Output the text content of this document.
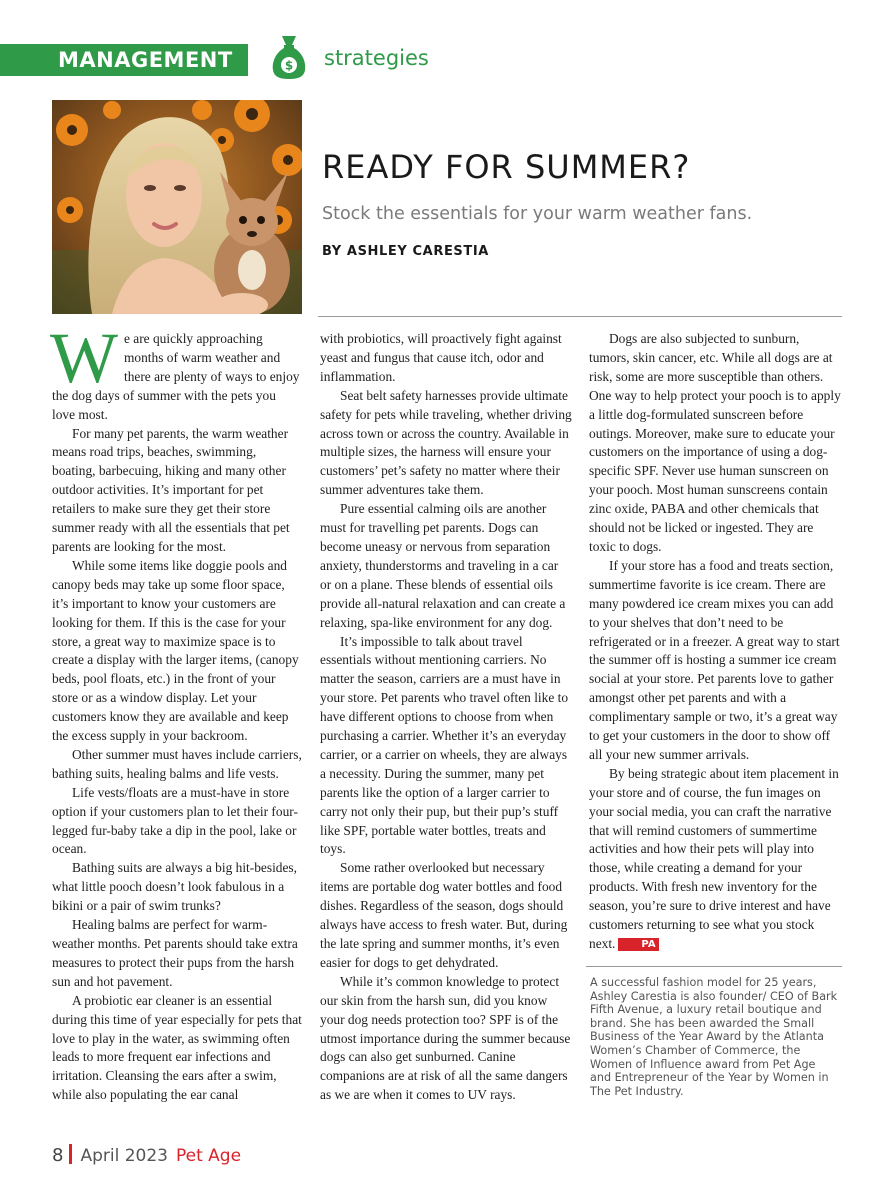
MANAGEMENT	$ strategies
READY FOR SUMMER?
Stock the essentials for your warm weather fans.
BY ASHLEY CARESTIA

We are quickly approaching months of warm weather and there are plenty of ways to enjoy the dog days of summer with the pets you love most.

For many pet parents, the warm weather means road trips, beaches, swimming, boating, barbecuing, hiking and many other outdoor activities. It’s important for pet retailers to make sure they get their store summer ready with all the essentials that pet parents are looking for the most.

While some items like doggie pools and canopy beds may take up some floor space, it’s important to know your customers are looking for them. If this is the case for your store, a great way to maximize space is to create a display with the larger items, (canopy beds, pool floats, etc.) in the front of your store or as a window display. Let your customers know they are available and keep the excess supply in your backroom.

Other summer must haves include carriers, bathing suits, healing balms and life vests.

Life vests/floats are a must-have in store option if your customers plan to let their four-legged fur-baby take a dip in the pool, lake or ocean.

Bathing suits are always a big hit-besides, what little pooch doesn’t look fabulous in a bikini or a pair of swim trunks?

Healing balms are perfect for warm-weather months. Pet parents should take extra measures to protect their pups from the harsh sun and hot pavement.

A probiotic ear cleaner is an essential during this time of year especially for pets that love to play in the water, as swimming often leads to more frequent ear infections and irritation. Cleansing the ears after a swim, while also populating the ear canal

with probiotics, will proactively fight against yeast and fungus that cause itch, odor and inflammation.

Seat belt safety harnesses provide ultimate safety for pets while traveling, whether driving across town or across the country. Available in multiple sizes, the harness will ensure your customers’ pet’s safety no matter where their summer adventures take them.

Pure essential calming oils are another must for travelling pet parents. Dogs can become uneasy or nervous from separation anxiety, thunderstorms and traveling in a car or on a plane. These blends of essential oils provide all-natural relaxation and can create a relaxing, spa-like environment for any dog.

It’s impossible to talk about travel essentials without mentioning carriers. No matter the season, carriers are a must have in your store. Pet parents who travel often like to have different options to choose from when purchasing a carrier. Whether it’s an everyday carrier, or a carrier on wheels, they are always a necessity. During the summer, many pet parents like the option of a larger carrier to carry not only their pup, but their pup’s stuff like SPF, portable water bottles, treats and toys.

Some rather overlooked but necessary items are portable dog water bottles and food dishes. Regardless of the season, dogs should always have access to fresh water. But, during the late spring and summer months, it’s even easier for dogs to get dehydrated.

While it’s common knowledge to protect our skin from the harsh sun, did you know your dog needs protection too? SPF is of the utmost importance during the summer because dogs can also get sunburned. Canine companions are at risk of all the same dangers as we are when it comes to UV rays.

Dogs are also subjected to sunburn, tumors, skin cancer, etc. While all dogs are at risk, some are more susceptible than others. One way to help protect your pooch is to apply a little dog-formulated sunscreen before outings. Moreover, make sure to educate your customers on the importance of using a dog-specific SPF. Never use human sunscreen on your pooch. Most human sunscreens contain zinc oxide, PABA and other chemicals that should not be licked or ingested. They are toxic to dogs.

If your store has a food and treats section, summertime favorite is ice cream. There are many powdered ice cream mixes you can add to your shelves that don’t need to be refrigerated or in a freezer. A great way to start the summer off is hosting a summer ice cream social at your store. Pet parents love to gather amongst other pet parents and with a complimentary sample or two, it’s a great way to get your customers in the door to show off all your new summer arrivals.

By being strategic about item placement in your store and of course, the fun images on your social media, you can craft the narrative that will remind customers of summertime activities and how their pets will play into those, while creating a demand for your products. With fresh new inventory for the season, you’re sure to drive interest and have customers returning to see what you stock next.	PA

A successful fashion model for 25 years, Ashley Carestia is also founder/ CEO of Bark Fifth Avenue, a luxury retail boutique and brand. She has been awarded the Small Business of the Year Award by the Atlanta Women’s Chamber of Commerce, the Women of Influence award from Pet Age and Entrepreneur of the Year by Women in The Pet Industry.
8 April 2023 Pet Age
